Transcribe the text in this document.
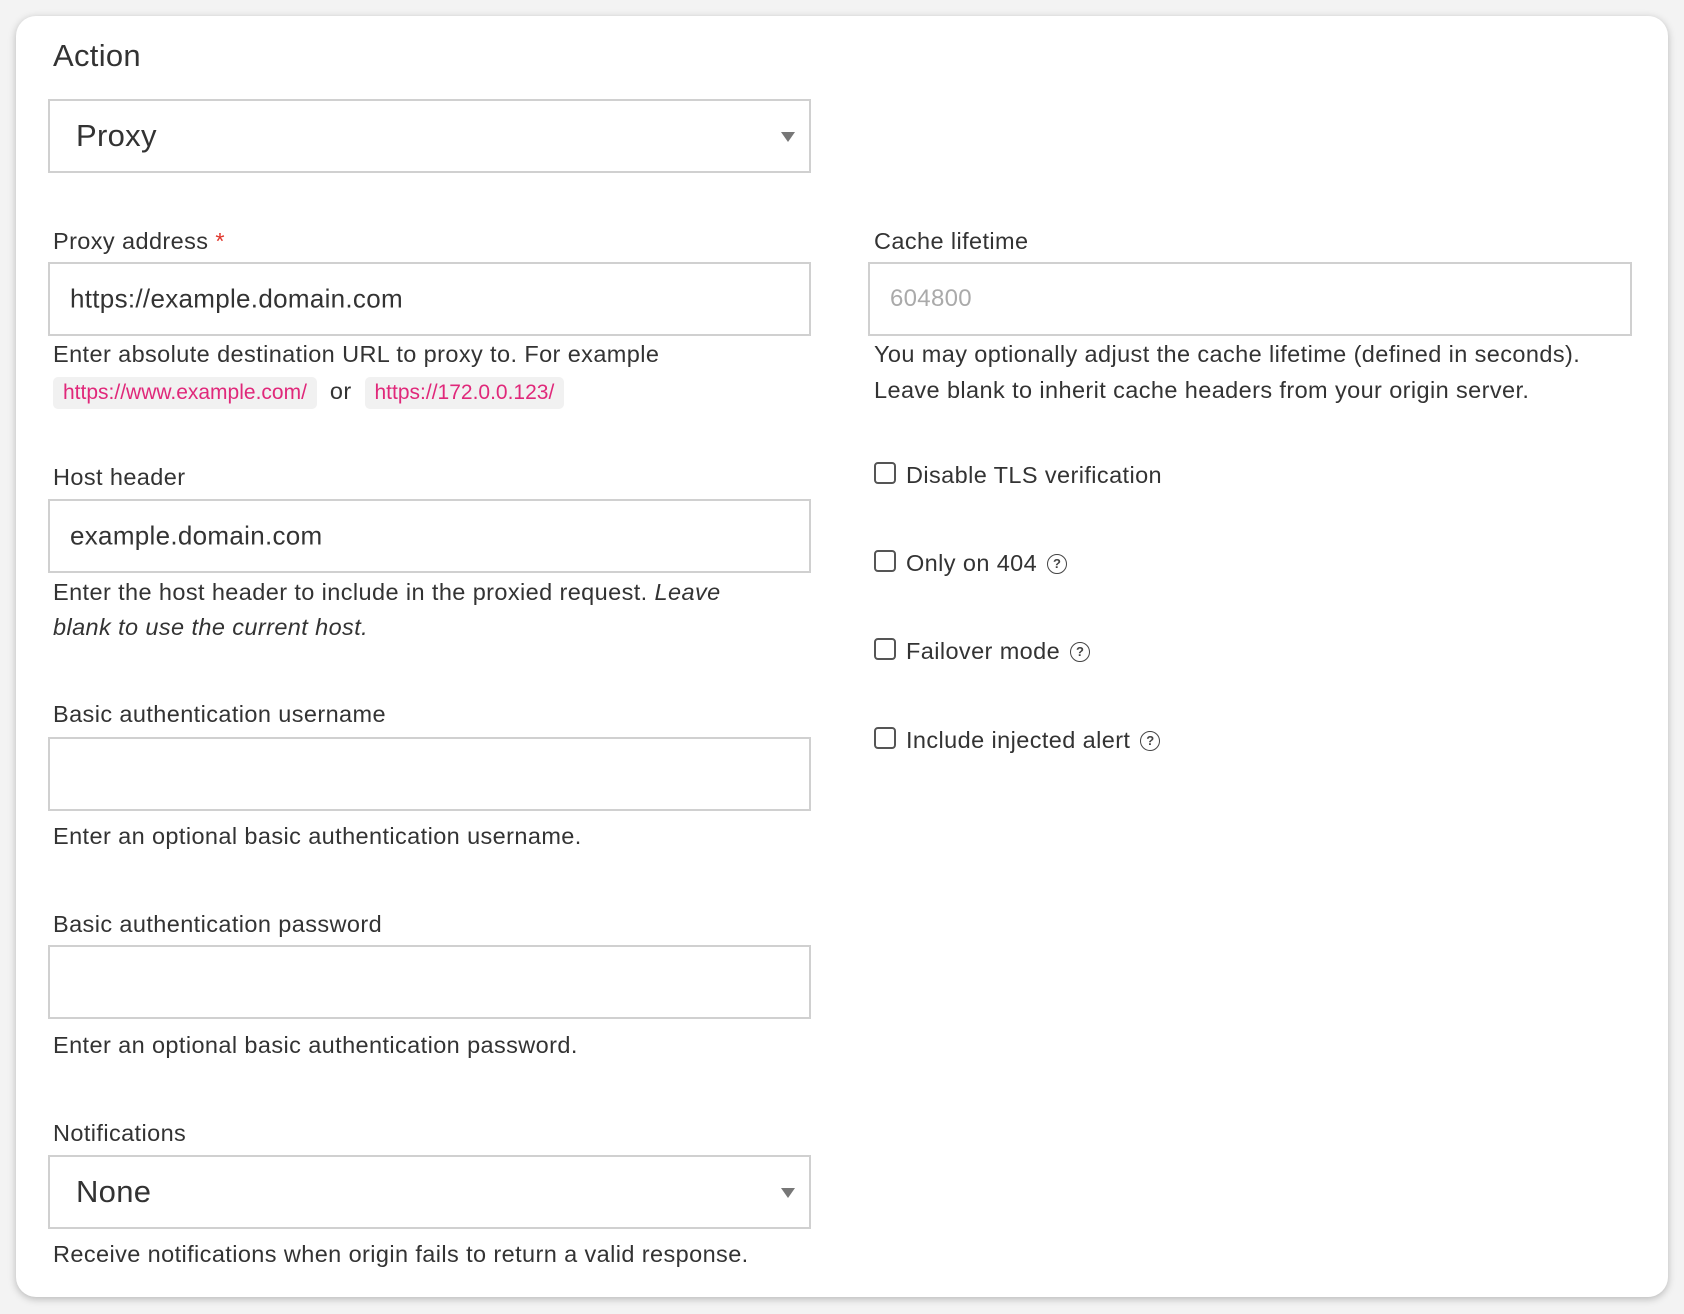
Action
Proxy
Proxy address *
https://example.domain.com
Enter absolute destination URL to proxy to. For example
https://www.example.com/ or https://172.0.0.123/
Host header
example.domain.com
Enter the host header to include in the proxied request. Leave
blank to use the current host.
Basic authentication username
Enter an optional basic authentication username.
Basic authentication password
Enter an optional basic authentication password.
Notifications
None
Receive notifications when origin fails to return a valid response.
Cache lifetime
604800
You may optionally adjust the cache lifetime (defined in seconds).
Leave blank to inherit cache headers from your origin server.
Disable TLS verification
Only on 404	?
Failover mode	?
Include injected alert	?
